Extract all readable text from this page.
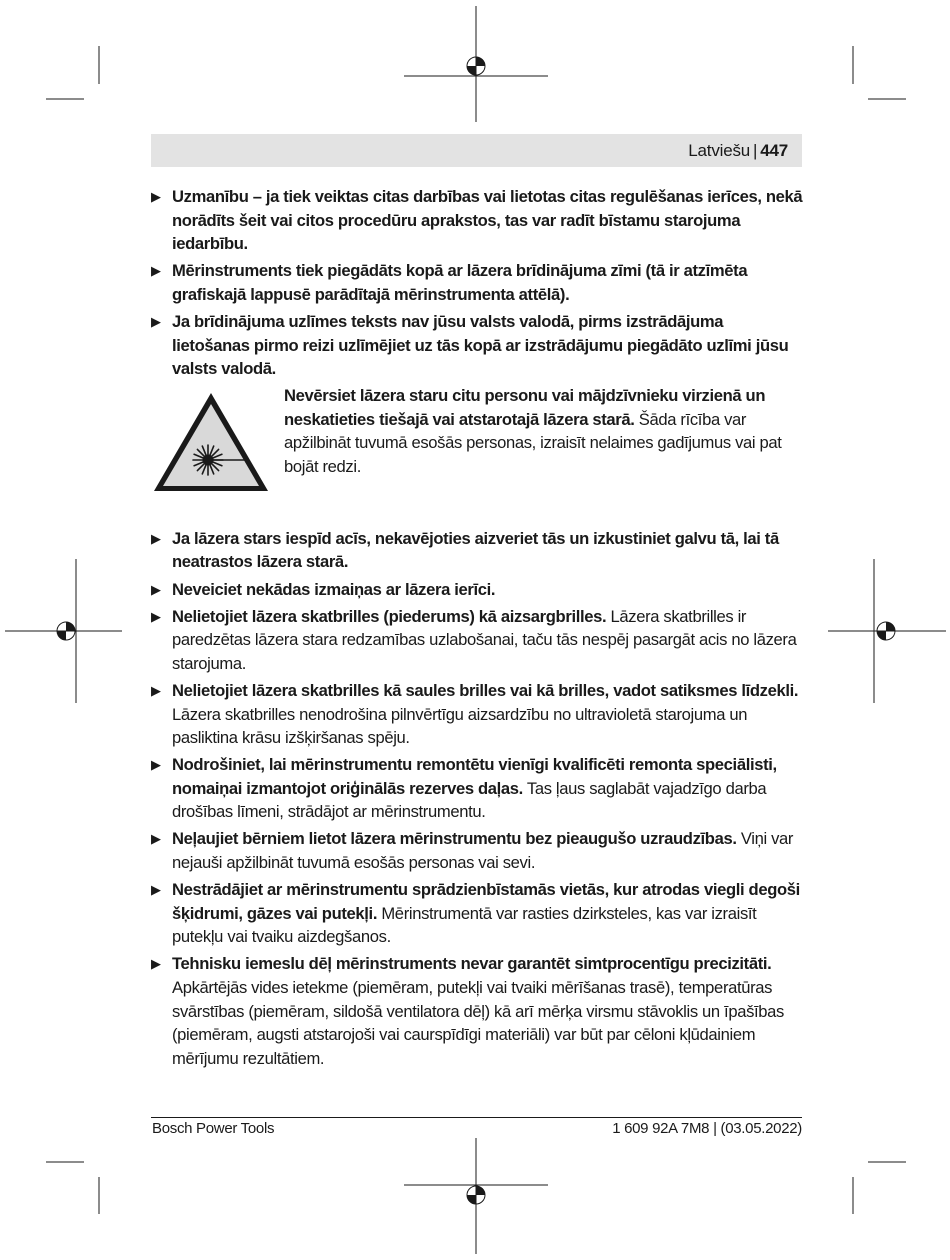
Latviešu | 447
▶ Uzmanību – ja tiek veiktas citas darbības vai lietotas citas regulēšanas ierīces, nekā norādīts šeit vai citos procedūru aprakstos, tas var radīt bīstamu starojuma iedarbību.
▶ Mērinstruments tiek piegādāts kopā ar lāzera brīdinājuma zīmi (tā ir atzīmēta grafiskajā lappusē parādītajā mērinstrumenta attēlā).
▶ Ja brīdinājuma uzlīmes teksts nav jūsu valsts valodā, pirms izstrādājuma lietošanas pirmo reizi uzlīmējiet uz tās kopā ar izstrādājumu piegādāto uzlīmi jūsu valsts valodā.
Nevērsiet lāzera staru citu personu vai mājdzīvnieku virzienā un neskatieties tiešajā vai atstarotajā lāzera starā. Šāda rīcība var apžilbināt tuvumā esošās personas, izraisīt nelaimes gadījumus vai pat bojāt redzi.
▶ Ja lāzera stars iespīd acīs, nekavējoties aizveriet tās un izkustiniet galvu tā, lai tā neatrastos lāzera starā.
▶ Neveiciet nekādas izmaiņas ar lāzera ierīci.
▶ Nelietojiet lāzera skatbrilles (piederums) kā aizsargbrilles. Lāzera skatbrilles ir paredzētas lāzera stara redzamības uzlabošanai, taču tās nespēj pasargāt acis no lāzera starojuma.
▶ Nelietojiet lāzera skatbrilles kā saules brilles vai kā brilles, vadot satiksmes līdzekli. Lāzera skatbrilles nenodrošina pilnvērtīgu aizsardzību no ultravioletā starojuma un pasliktina krāsu izšķiršanas spēju.
▶ Nodrošiniet, lai mērinstrumentu remontētu vienīgi kvalificēti remonta speciālisti, nomaiņai izmantojot oriģinālās rezerves daļas. Tas ļaus saglabāt vajadzīgo darba drošības līmeni, strādājot ar mērinstrumentu.
▶ Neļaujiet bērniem lietot lāzera mērinstrumentu bez pieaugušo uzraudzības. Viņi var nejauši apžilbināt tuvumā esošās personas vai sevi.
▶ Nestrādājiet ar mērinstrumentu sprādzienbīstamās vietās, kur atrodas viegli degoši šķidrumi, gāzes vai putekļi. Mērinstrumentā var rasties dzirksteles, kas var izraisīt putekļu vai tvaiku aizdegšanos.
▶ Tehnisku iemeslu dēļ mērinstruments nevar garantēt simtprocentīgu precizitāti. Apkārtējās vides ietekme (piemēram, putekļi vai tvaiki mērīšanas trasē), temperatūras svārstības (piemēram, sildošā ventilatora dēļ) kā arī mērķa virsmu stāvoklis un īpašības (piemēram, augsti atstarojoši vai caurspīdīgi materiāli) var būt par cēloni kļūdainiem mērījumu rezultātiem.
Bosch Power Tools	1 609 92A 7M8 | (03.05.2022)
